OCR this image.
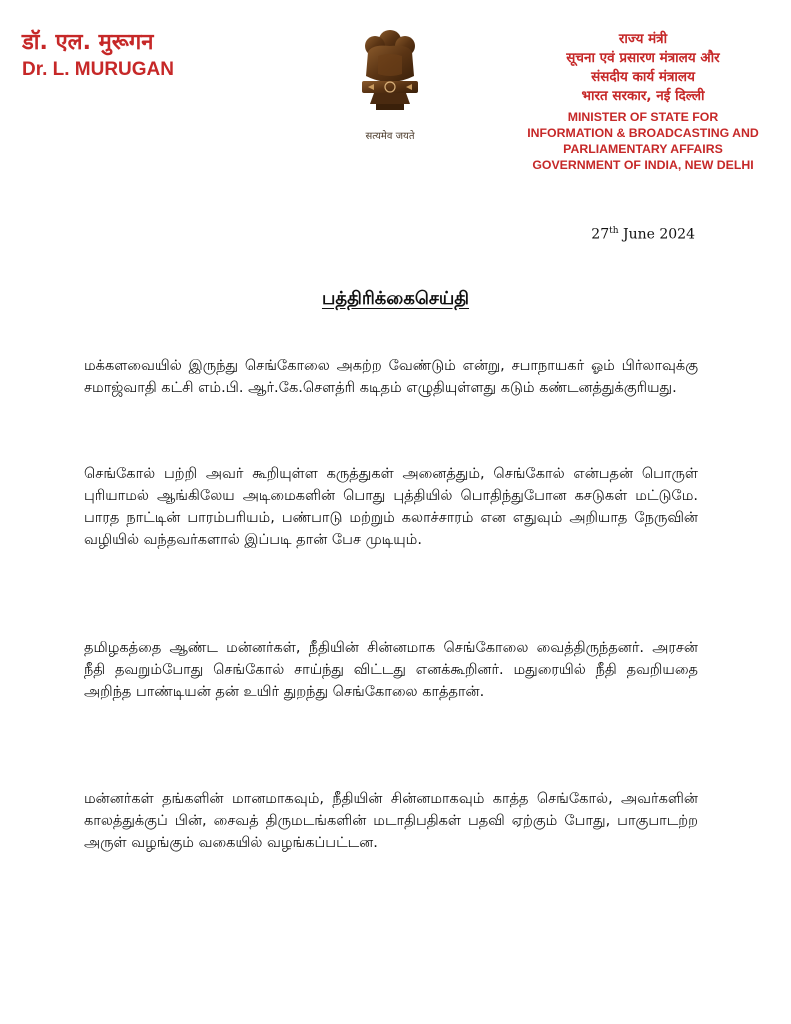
डॉ. एल. मुरूगन
Dr. L. MURUGAN
सत्यमेव जयते
राज्य मंत्री
सूचना एवं प्रसारण मंत्रालय और
संसदीय कार्य मंत्रालय
भारत सरकार, नई दिल्ली
MINISTER OF STATE FOR
INFORMATION & BROADCASTING AND
PARLIAMENTARY AFFAIRS
GOVERNMENT OF INDIA, NEW DELHI
27th June 2024
பத்திரிக்கைசெய்தி
மக்களவையில் இருந்து செங்கோலை அகற்ற வேண்டும் என்று, சபாநாயகர் ஓம் பிர்லாவுக்கு சமாஜ்வாதி கட்சி எம்.பி. ஆர்.கே.சௌத்ரி கடிதம் எழுதியுள்ளது கடும் கண்டனத்துக்குரியது.
செங்கோல் பற்றி அவர் கூறியுள்ள கருத்துகள் அனைத்தும், செங்கோல் என்பதன் பொருள் புரியாமல் ஆங்கிலேய அடிமைகளின் பொது புத்தியில் பொதிந்துபோன கசடுகள் மட்டுமே. பாரத நாட்டின் பாரம்பரியம், பண்பாடு மற்றும் கலாச்சாரம் என எதுவும் அறியாத நேருவின் வழியில் வந்தவர்களால் இப்படி தான் பேச முடியும்.
தமிழகத்தை ஆண்ட மன்னர்கள், நீதியின் சின்னமாக செங்கோலை வைத்திருந்தனர். அரசன் நீதி தவறும்போது செங்கோல் சாய்ந்து விட்டது எனக்கூறினர். மதுரையில் நீதி தவறியதை அறிந்த பாண்டியன் தன் உயிர் துறந்து செங்கோலை காத்தான்.
மன்னர்கள் தங்களின் மானமாகவும், நீதியின் சின்னமாகவும் காத்த செங்கோல், அவர்களின் காலத்துக்குப் பின், சைவத் திருமடங்களின் மடாதிபதிகள் பதவி ஏற்கும் போது, பாகுபாடற்ற அருள் வழங்கும் வகையில் வழங்கப்பட்டன.
